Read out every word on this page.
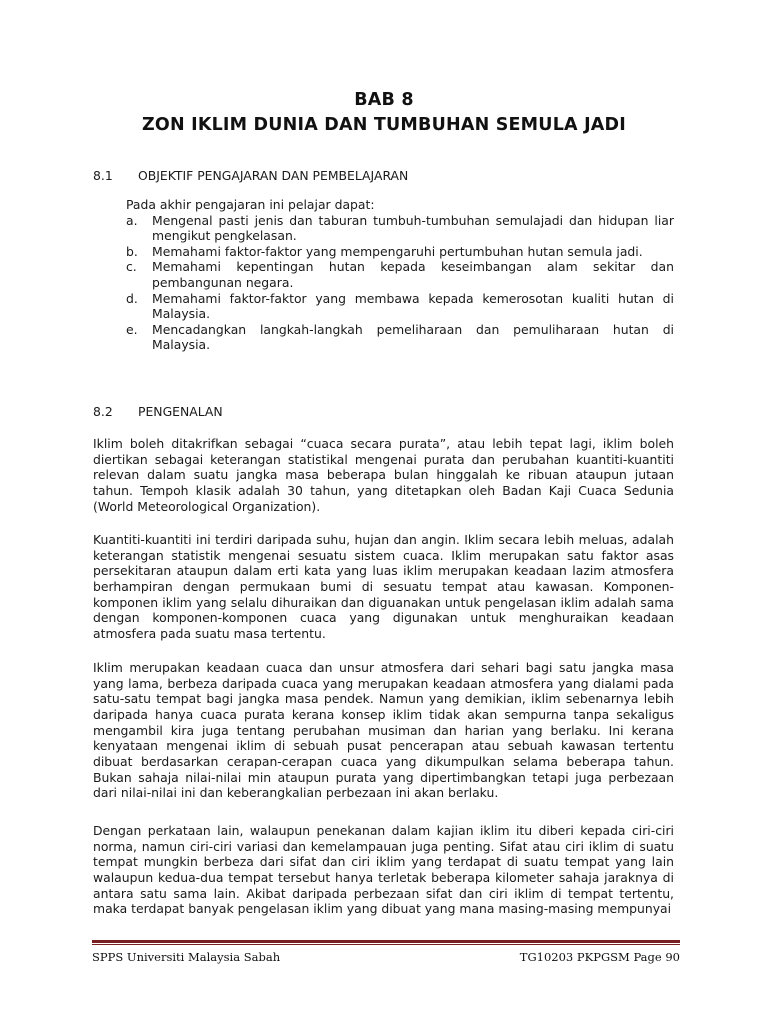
BAB 8
ZON IKLIM DUNIA DAN TUMBUHAN SEMULA JADI
8.1 OBJEKTIF PENGAJARAN DAN PEMBELAJARAN

Pada akhir pengajaran ini pelajar dapat:

a. Mengenal pasti jenis dan taburan tumbuh-tumbuhan semulajadi dan hidupan liar mengikut pengkelasan.
b. Memahami faktor-faktor yang mempengaruhi pertumbuhan hutan semula jadi.
c. Memahami kepentingan hutan kepada keseimbangan alam sekitar dan pembangunan negara.
d. Memahami faktor-faktor yang membawa kepada kemerosotan kualiti hutan di Malaysia.
e. Mencadangkan langkah-langkah pemeliharaan dan pemuliharaan hutan di Malaysia.
8.2 PENGENALAN

Iklim boleh ditakrifkan sebagai “cuaca secara purata”, atau lebih tepat lagi, iklim boleh diertikan sebagai keterangan statistikal mengenai purata dan perubahan kuantiti-kuantiti relevan dalam suatu jangka masa beberapa bulan hinggalah ke ribuan ataupun jutaan tahun. Tempoh klasik adalah 30 tahun, yang ditetapkan oleh Badan Kaji Cuaca Sedunia (World Meteorological Organization).

Kuantiti-kuantiti ini terdiri daripada suhu, hujan dan angin. Iklim secara lebih meluas, adalah keterangan statistik mengenai sesuatu sistem cuaca. Iklim merupakan satu faktor asas persekitaran ataupun dalam erti kata yang luas iklim merupakan keadaan lazim atmosfera berhampiran dengan permukaan bumi di sesuatu tempat atau kawasan. Komponen-komponen iklim yang selalu dihuraikan dan diguanakan untuk pengelasan iklim adalah sama dengan komponen-komponen cuaca yang digunakan untuk menghuraikan keadaan atmosfera pada suatu masa tertentu.

Iklim merupakan keadaan cuaca dan unsur atmosfera dari sehari bagi satu jangka masa yang lama, berbeza daripada cuaca yang merupakan keadaan atmosfera yang dialami pada satu-satu tempat bagi jangka masa pendek. Namun yang demikian, iklim sebenarnya lebih daripada hanya cuaca purata kerana konsep iklim tidak akan sempurna tanpa sekaligus mengambil kira juga tentang perubahan musiman dan harian yang berlaku. Ini kerana kenyataan mengenai iklim di sebuah pusat pencerapan atau sebuah kawasan tertentu dibuat berdasarkan cerapan-cerapan cuaca yang dikumpulkan selama beberapa tahun. Bukan sahaja nilai-nilai min ataupun purata yang dipertimbangkan tetapi juga perbezaan dari nilai-nilai ini dan keberangkalian perbezaan ini akan berlaku.

Dengan perkataan lain, walaupun penekanan dalam kajian iklim itu diberi kepada ciri-ciri norma, namun ciri-ciri variasi dan kemelampauan juga penting. Sifat atau ciri iklim di suatu tempat mungkin berbeza dari sifat dan ciri iklim yang terdapat di suatu tempat yang lain walaupun kedua-dua tempat tersebut hanya terletak beberapa kilometer sahaja jaraknya di antara satu sama lain. Akibat daripada perbezaan sifat dan ciri iklim di tempat tertentu, maka terdapat banyak pengelasan iklim yang dibuat yang mana masing-masing mempunyai

SPPS Universiti Malaysia Sabah	TG10203 PKPGSM Page 90
